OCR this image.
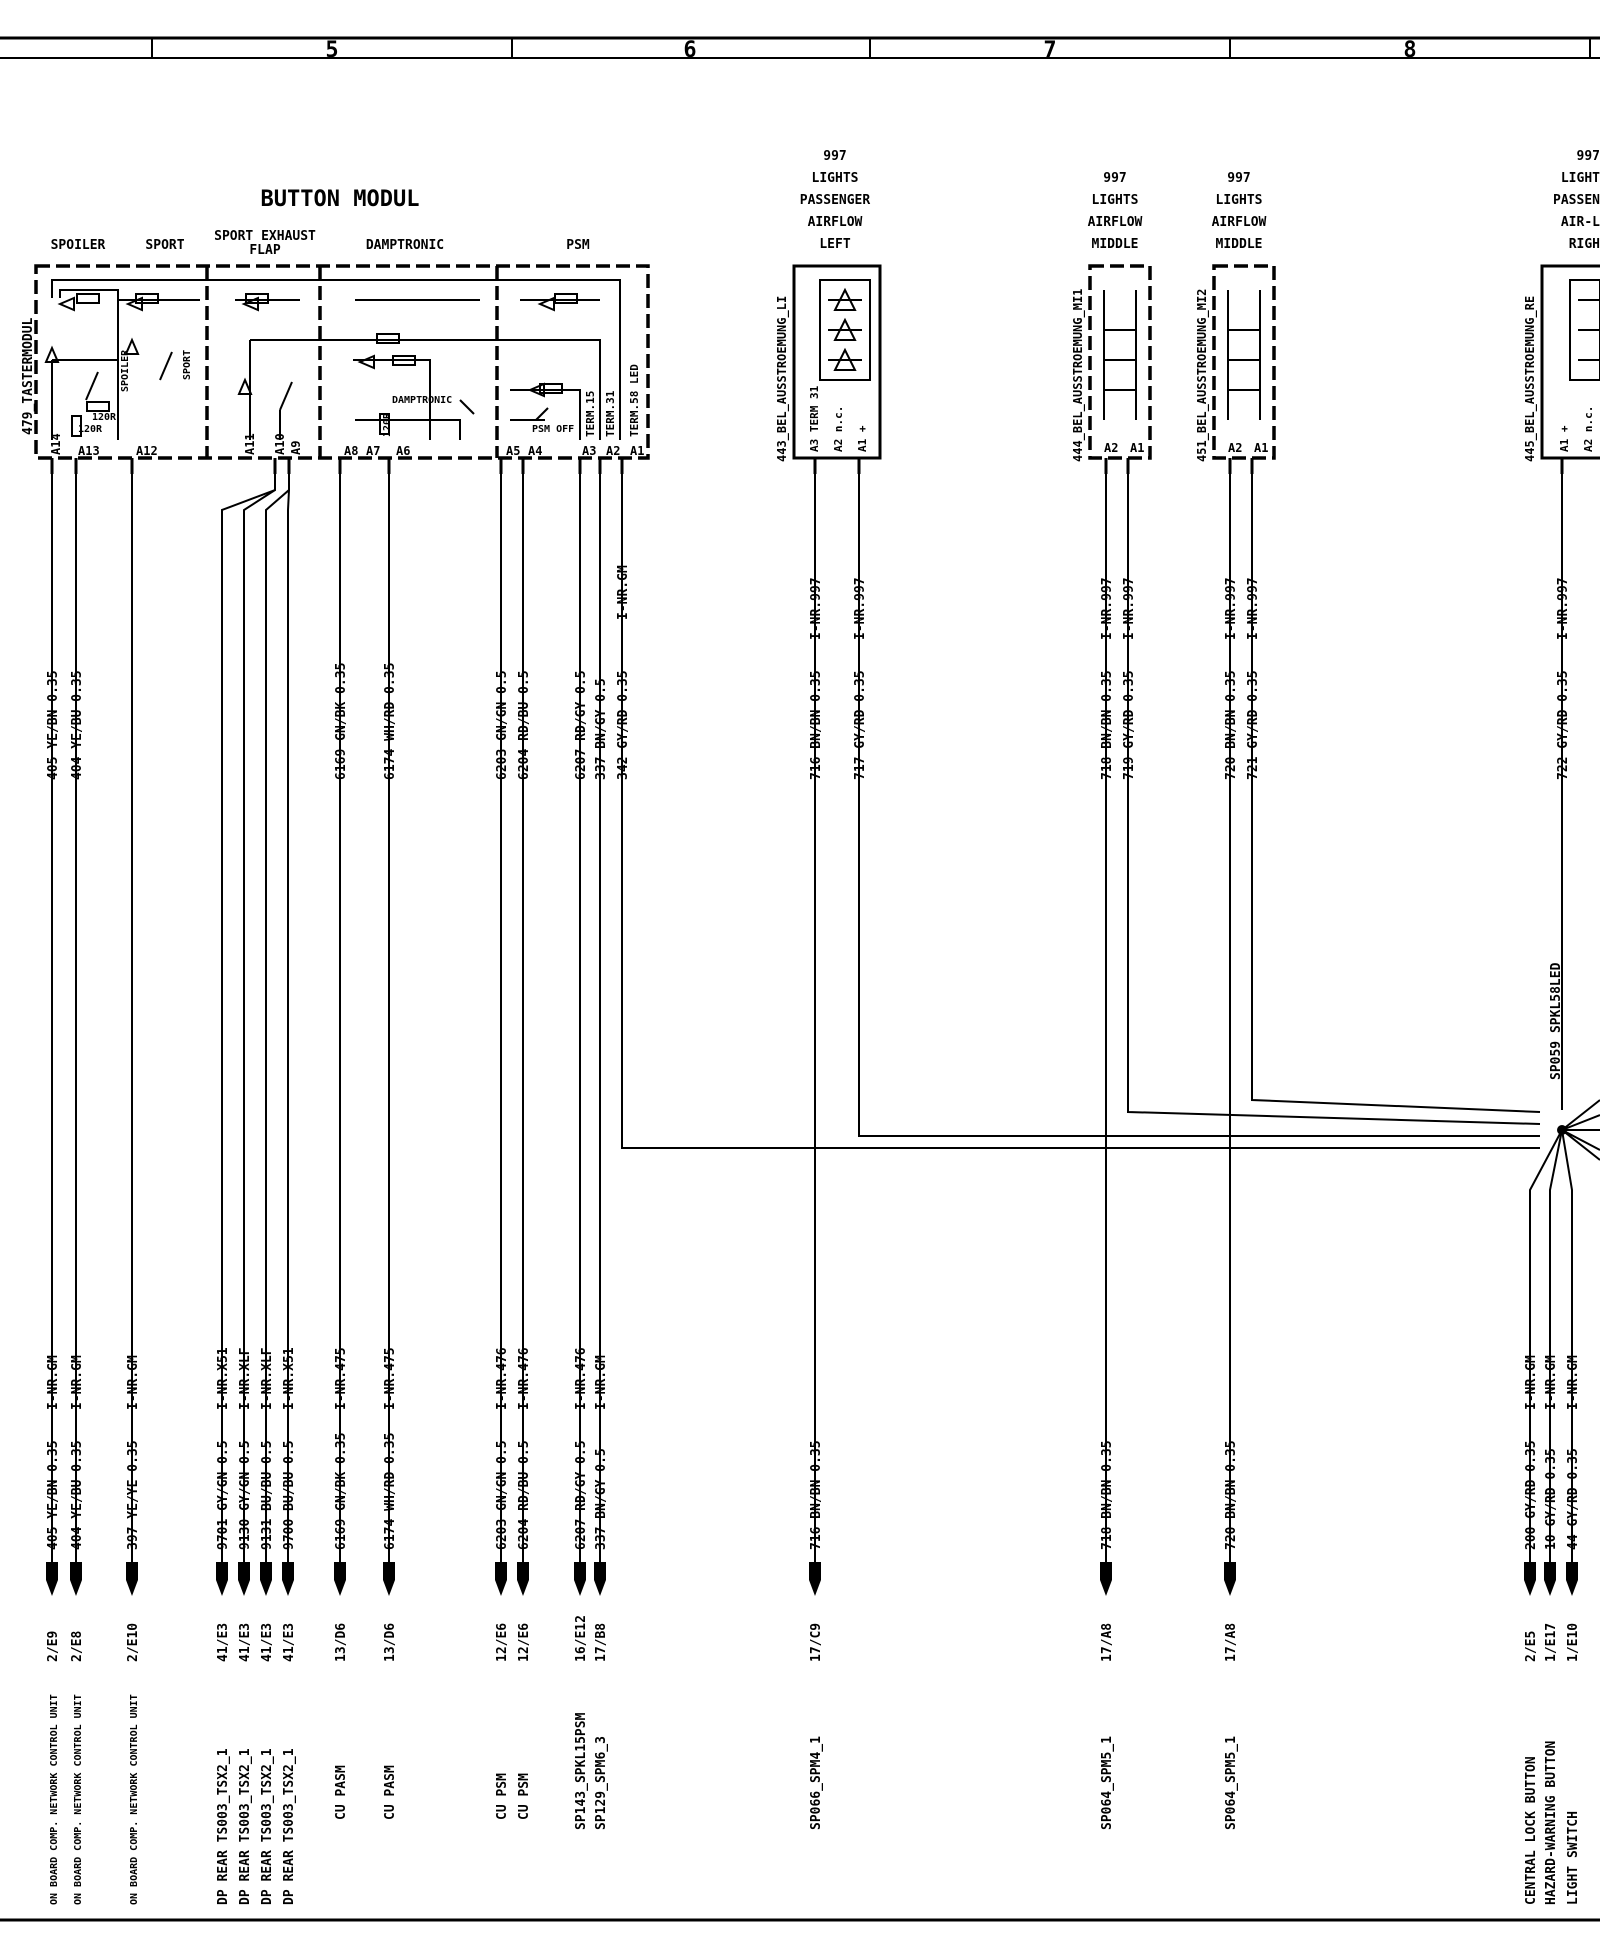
5	6	7	8
BUTTON MODUL
SPOILER	SPORT
SPORT EXHAUST
FLAP	DAMPTRONIC	PSM
479_TASTERMODUL	120R
120R	120R
SPOILER	SPORT
DAMPTRONIC
PSM OFF TERM.15 TERM.31 TERM.58 LED
A14 A13	A12	A11 A10 A9	A8 A7 A6	A5 A4	A3 A2 A1
997
LIGHTS
PASSENGER
AIRFLOW
LEFT
443_BEL_AUSSTROEMUNG_LI A3 TERM 31 A2 n.c. A1 +
997
LIGHTS
AIRFLOW
MIDDLE
444_BEL_AUSSTROEMUNG_MI1 A2 A1
997
LIGHTS
AIRFLOW
MIDDLE
451_BEL_AUSSTROEMUNG_MI2 A2 A1
997
LIGHT
PASSEN
AIR-L
RIGH
445_BEL_AUSSTROEMUNG_RE A1 + A2 n.c.
SP059_SPKL58LED
405 YE/BN 0.35 404 YE/BU 0.35	6169 GN/BK 0.35	6174 WH/RD 0.35	6203 GN/GN 0.5 6204 RD/BU 0.5	6207 RD/GY 0.5 337 BN/GY 0.5 342 GY/RD 0.35	716 BN/BN 0.35 717 GY/RD 0.35	718 BN/BN 0.35 719 GY/RD 0.35	720 BN/BN 0.35 721 GY/RD 0.35	722 GY/RD 0.35
I-NR.GM	I-NR.997 I-NR.997	I-NR.997 I-NR.997	I-NR.997 I-NR.997	I-NR.997
I-NR.GM I-NR.GM	I-NR.GM	I-NR.X51 I-NR.XLF I-NR.XLF I-NR.X51	I-NR.475	I-NR.475	I-NR.476 I-NR.476	I-NR.476 I-NR.GM	I-NR.GM I-NR.GM I-NR.GM
405 YE/BN 0.35 404 YE/BU 0.35	397 YE/YE 0.35	9701 GY/GN 0.5 9130 GY/GN 0.5 9131 BU/BU 0.5 9700 BU/BU 0.5	6169 GN/BK 0.35	6174 WH/RD 0.35	6203 GN/GN 0.5 6204 RD/BU 0.5	6207 RD/GY 0.5 337 BN/GY 0.5	716 BN/BN 0.35	718 BN/BN 0.35	720 BN/BN 0.35	200 GY/RD 0.35 10 GY/RD 0.35 44 GY/RD 0.35
2/E9 2/E8	2/E10	41/E3 41/E3 41/E3 41/E3	13/D6	13/D6	12/E6 12/E6	16/E12 17/B8	17/C9	17/A8	17/A8	2/E5 1/E17 1/E10
ON BOARD COMP. NETWORK CONTROL UNIT ON BOARD COMP. NETWORK CONTROL UNIT	ON BOARD COMP. NETWORK CONTROL UNIT	DP REAR TS003_TSX2_1 DP REAR TS003_TSX2_1 DP REAR TS003_TSX2_1 DP REAR TS003_TSX2_1	CU PASM	CU PASM	CU PSM CU PSM	SP143_SPKL15PSM SP129_SPM6_3	SP066_SPM4_1	SP064_SPM5_1	SP064_SPM5_1	CENTRAL LOCK BUTTON HAZARD-WARNING BUTTON LIGHT SWITCH
